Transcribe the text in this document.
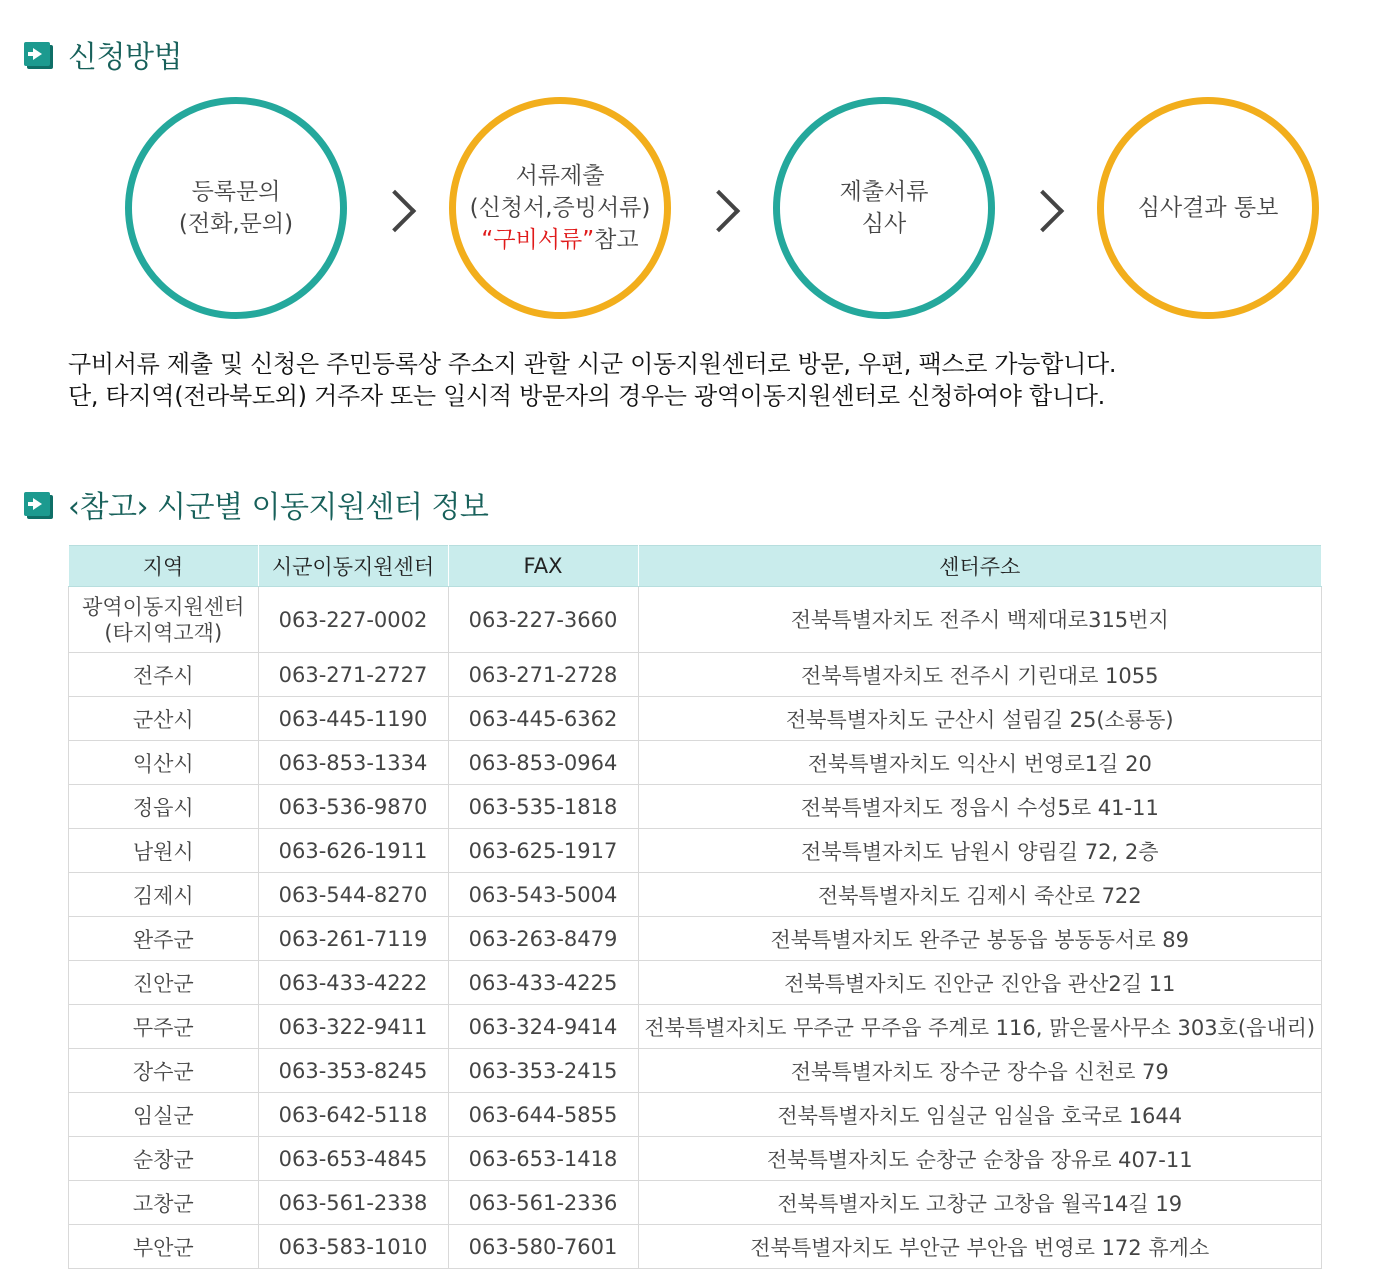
신청방법
등록문의
(전화,문의)
서류제출
(신청서,증빙서류)
“구비서류”참고
제출서류
심사
심사결과 통보
구비서류 제출 및 신청은 주민등록상 주소지 관할 시군 이동지원센터로 방문, 우편, 팩스로 가능합니다.
단, 타지역(전라북도외) 거주자 또는 일시적 방문자의 경우는 광역이동지원센터로 신청하여야 합니다.
‹참고› 시군별 이동지원센터 정보
지역	시군이동지원센터	FAX	센터주소

광역이동지원센터
(타지역고객)	063-227-0002	063-227-3660	전북특별자치도 전주시 백제대로315번지
전주시	063-271-2727	063-271-2728	전북특별자치도 전주시 기린대로 1055
군산시	063-445-1190	063-445-6362	전북특별자치도 군산시 설림길 25(소룡동)
익산시	063-853-1334	063-853-0964	전북특별자치도 익산시 번영로1길 20
정읍시	063-536-9870	063-535-1818	전북특별자치도 정읍시 수성5로 41-11
남원시	063-626-1911	063-625-1917	전북특별자치도 남원시 양림길 72, 2층
김제시	063-544-8270	063-543-5004	전북특별자치도 김제시 죽산로 722
완주군	063-261-7119	063-263-8479	전북특별자치도 완주군 봉동읍 봉동동서로 89
진안군	063-433-4222	063-433-4225	전북특별자치도 진안군 진안읍 관산2길 11
무주군	063-322-9411	063-324-9414	전북특별자치도 무주군 무주읍 주계로 116, 맑은물사무소 303호(읍내리)
장수군	063-353-8245	063-353-2415	전북특별자치도 장수군 장수읍 신천로 79
임실군	063-642-5118	063-644-5855	전북특별자치도 임실군 임실읍 호국로 1644
순창군	063-653-4845	063-653-1418	전북특별자치도 순창군 순창읍 장유로 407-11
고창군	063-561-2338	063-561-2336	전북특별자치도 고창군 고창읍 월곡14길 19
부안군	063-583-1010	063-580-7601	전북특별자치도 부안군 부안읍 번영로 172 휴게소
